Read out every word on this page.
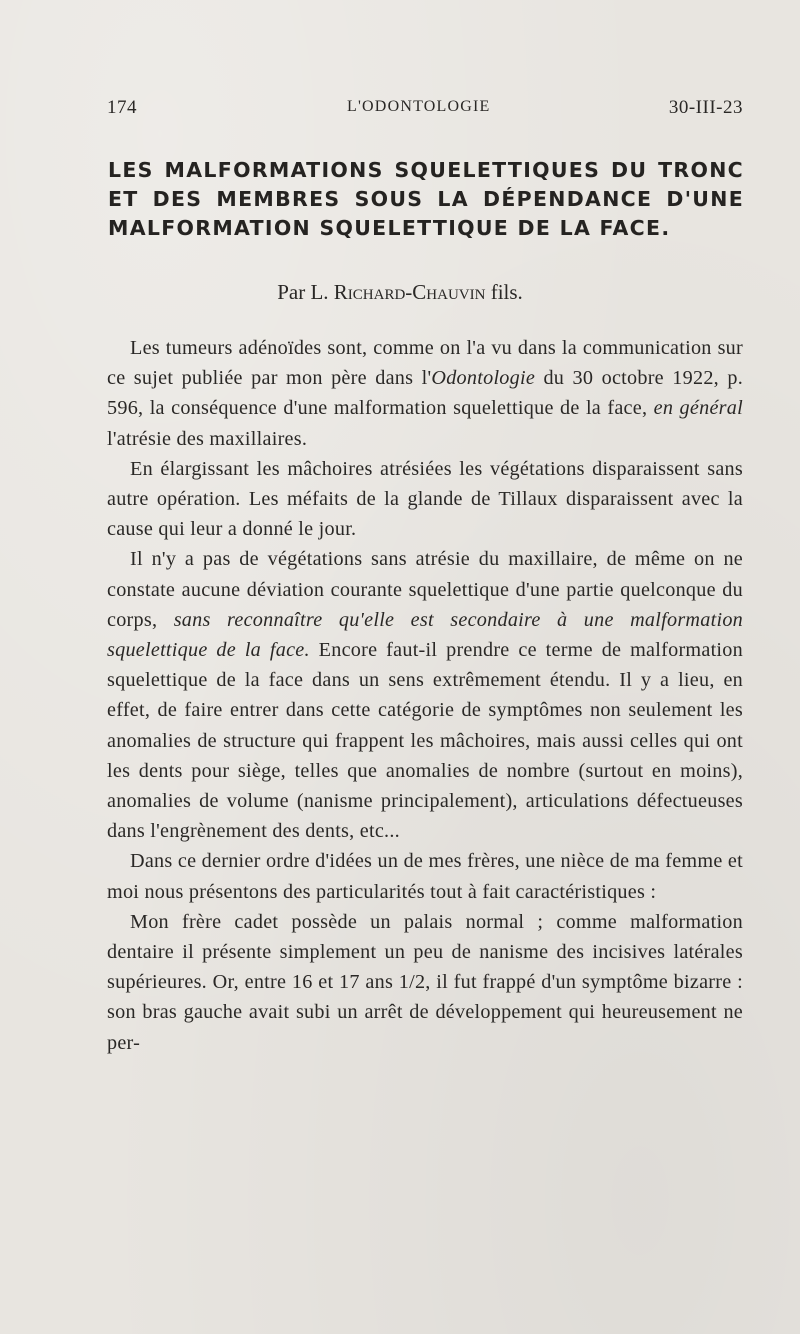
174	L'ODONTOLOGIE	30-III-23
LES MALFORMATIONS SQUELETTIQUES DU TRONC ET DES MEMBRES SOUS LA DÉPENDANCE D'UNE MALFORMATION SQUELETTIQUE DE LA FACE.
Par L. Richard-Chauvin fils.

Les tumeurs adénoïdes sont, comme on l'a vu dans la communication sur ce sujet publiée par mon père dans l'Odontologie du 30 octobre 1922, p. 596, la conséquence d'une malformation squelettique de la face, en général l'atrésie des maxillaires.

En élargissant les mâchoires atrésiées les végétations disparaissent sans autre opération. Les méfaits de la glande de Tillaux disparaissent avec la cause qui leur a donné le jour.

Il n'y a pas de végétations sans atrésie du maxillaire, de même on ne constate aucune déviation courante squelettique d'une partie quelconque du corps, sans reconnaître qu'elle est secondaire à une malformation squelettique de la face. Encore faut-il prendre ce terme de malformation squelettique de la face dans un sens extrêmement étendu. Il y a lieu, en effet, de faire entrer dans cette catégorie de symptômes non seulement les anomalies de structure qui frappent les mâchoires, mais aussi celles qui ont les dents pour siège, telles que anomalies de nombre (surtout en moins), anomalies de volume (nanisme principalement), articulations défectueuses dans l'engrènement des dents, etc...

Dans ce dernier ordre d'idées un de mes frères, une nièce de ma femme et moi nous présentons des particularités tout à fait caractéristiques :

Mon frère cadet possède un palais normal ; comme malformation dentaire il présente simplement un peu de nanisme des incisives latérales supérieures. Or, entre 16 et 17 ans 1/2, il fut frappé d'un symptôme bizarre : son bras gauche avait subi un arrêt de développement qui heureusement ne per-
